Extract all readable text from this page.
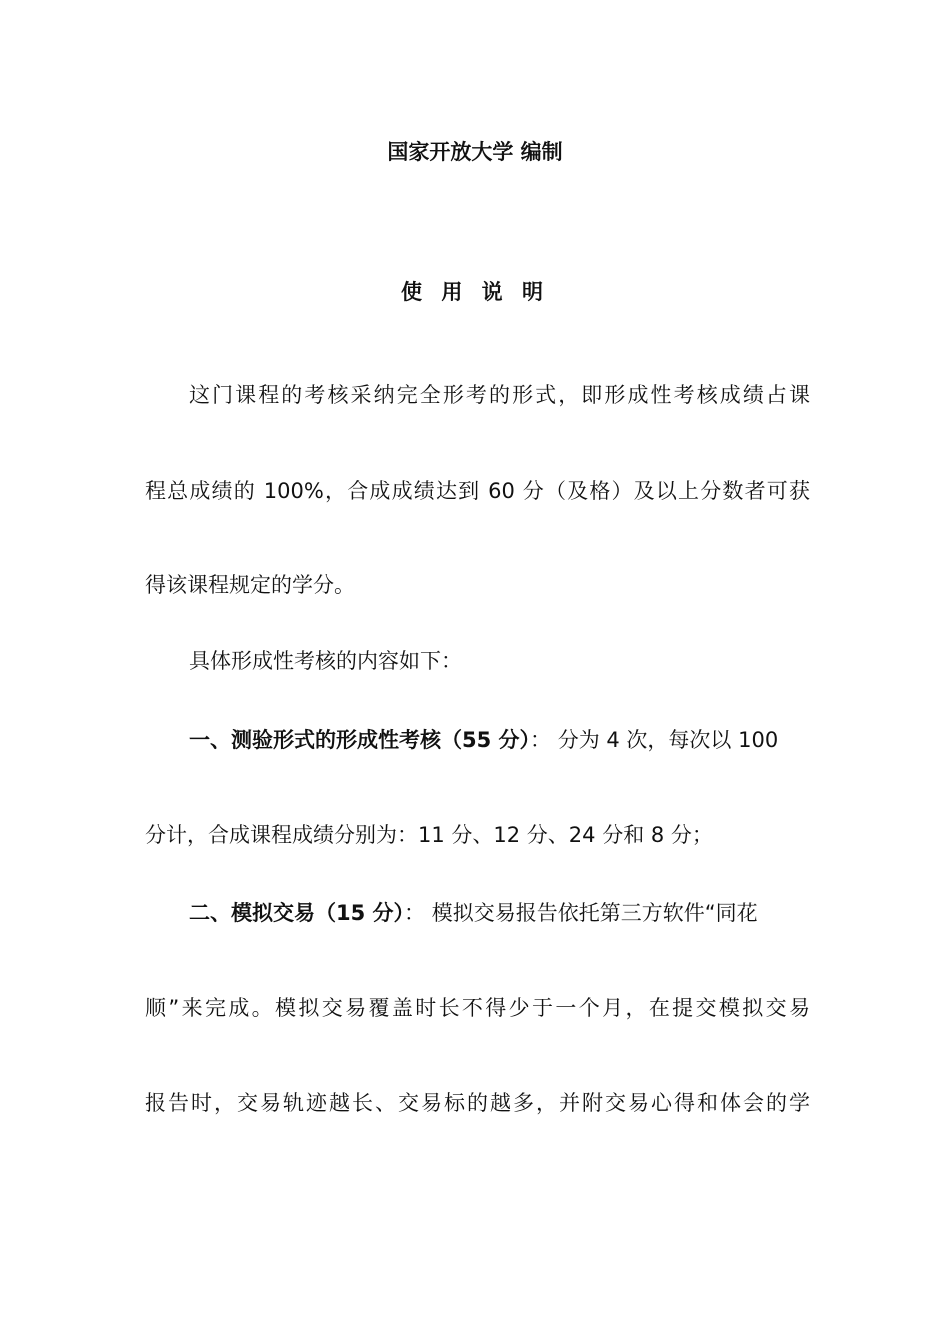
国家开放大学 编制
使 用 说 明
这门课程的考核采纳完全形考的形式，即形成性考核成绩占课
程总成绩的 100%，合成成绩达到 60 分（及格）及以上分数者可获
得该课程规定的学分。
具体形成性考核的内容如下：
一、测验形式的形成性考核（55 分）： 分为 4 次，每次以 100
分计，合成课程成绩分别为：11 分、12 分、24 分和 8 分；
二、模拟交易（15 分）： 模拟交易报告依托第三方软件“同花
顺”来完成。模拟交易覆盖时长不得少于一个月，在提交模拟交易
报告时，交易轨迹越长、交易标的越多，并附交易心得和体会的学
